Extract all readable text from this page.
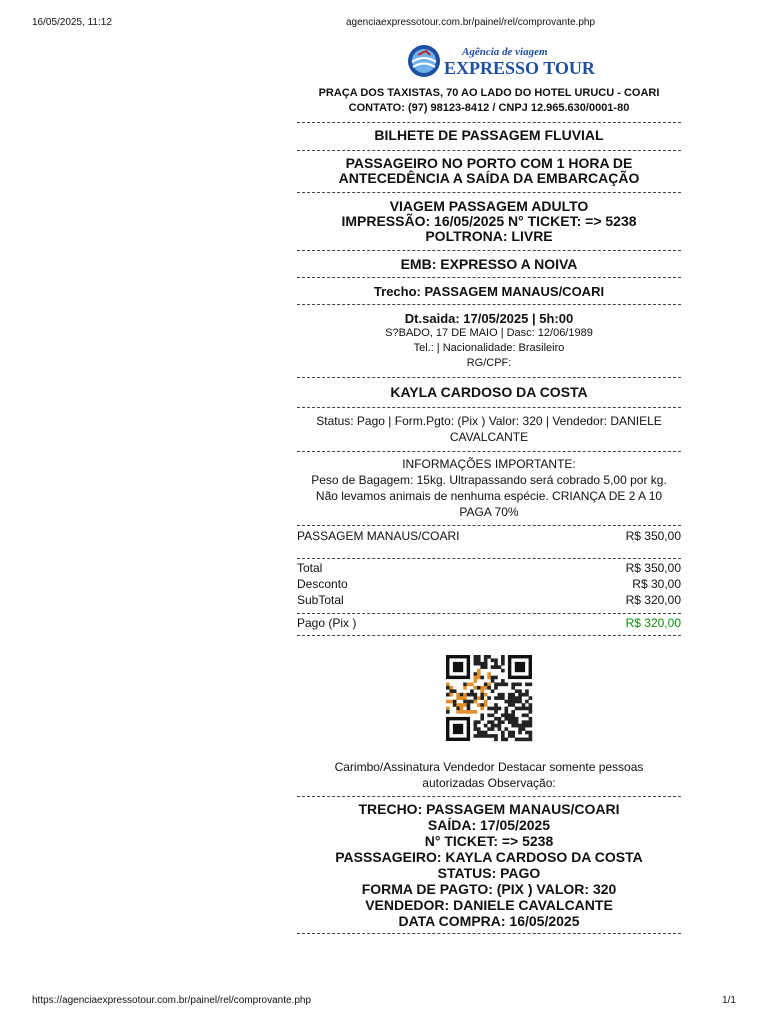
16/05/2025, 11:12	agenciaexpressotour.com.br/painel/rel/comprovante.php
Agência de viagem
EXPRESSO TOUR
PRAÇA DOS TAXISTAS, 70 AO LADO DO HOTEL URUCU - COARI
CONTATO: (97) 98123-8412 / CNPJ 12.965.630/0001-80
BILHETE DE PASSAGEM FLUVIAL
PASSAGEIRO NO PORTO COM 1 HORA DE ANTECEDÊNCIA A SAÍDA DA EMBARCAÇÃO
VIAGEM PASSAGEM ADULTO
IMPRESSÃO: 16/05/2025 N° TICKET: => 5238
POLTRONA: LIVRE
EMB: EXPRESSO A NOIVA
Trecho: PASSAGEM MANAUS/COARI
Dt.saida: 17/05/2025 | 5h:00
S?BADO, 17 DE MAIO | Dasc: 12/06/1989
Tel.: | Nacionalidade: Brasileiro
RG/CPF:
KAYLA CARDOSO DA COSTA
Status: Pago | Form.Pgto: (Pix ) Valor: 320 | Vendedor: DANIELE CAVALCANTE
INFORMAÇÕES IMPORTANTE:
Peso de Bagagem: 15kg. Ultrapassando será cobrado 5,00 por kg. Não levamos animais de nenhuma espécie. CRIANÇA DE 2 A 10 PAGA 70%
PASSAGEM MANAUS/COARI	R$ 350,00
Total	R$ 350,00
Desconto	R$ 30,00
SubTotal	R$ 320,00
Pago (Pix )	R$ 320,00
Carimbo/Assinatura Vendedor Destacar somente pessoas autorizadas Observação:
TRECHO: PASSAGEM MANAUS/COARI
SAÍDA: 17/05/2025
N° TICKET: => 5238
PASSSAGEIRO: KAYLA CARDOSO DA COSTA
STATUS: PAGO
FORMA DE PAGTO: (PIX ) VALOR: 320
VENDEDOR: DANIELE CAVALCANTE
DATA COMPRA: 16/05/2025
https://agenciaexpressotour.com.br/painel/rel/comprovante.php	1/1
